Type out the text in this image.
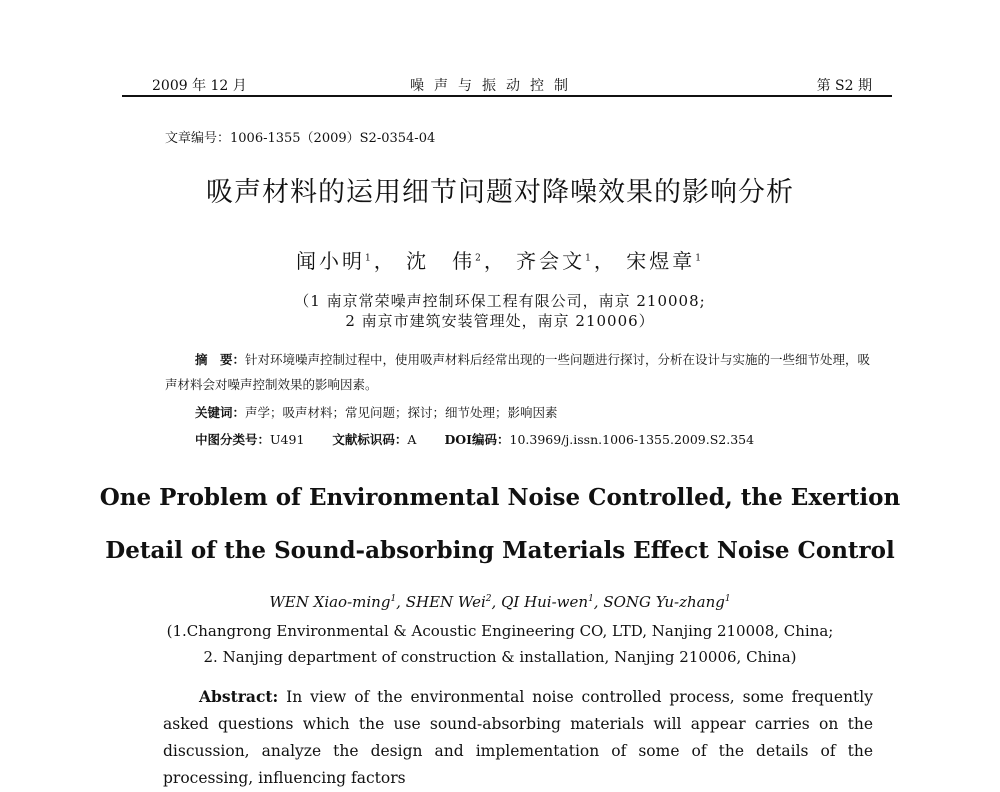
2009 年 12 月	噪声与振动控制	第 S2 期
文章编号：1006-1355（2009）S2-0354-04
吸声材料的运用细节问题对降噪效果的影响分析
闻小明$^1$， 沈　伟$^2$， 齐会文$^1$， 宋煜章$^1$
（1 南京常荣噪声控制环保工程有限公司，南京 210008;
2 南京市建筑安装管理处，南京 210006）
摘　要：针对环境噪声控制过程中，使用吸声材料后经常出现的一些问题进行探讨，分析在设计与实施的一些细节处理，吸声材料会对噪声控制效果的影响因素。
关键词：声学；吸声材料；常见问题；探讨；细节处理；影响因素
中图分类号：U491 文献标识码：A DOI编码：10.3969/j.issn.1006-1355.2009.S2.354
One Problem of Environmental Noise Controlled, the Exertion
Detail of the Sound-absorbing Materials Effect Noise Control
WEN Xiao-ming$^1$, SHEN Wei$^2$, QI Hui-wen$^1$, SONG Yu-zhang$^1$
(1.Changrong Environmental & Acoustic Engineering CO, LTD, Nanjing 210008, China;
2. Nanjing department of construction & installation, Nanjing 210006, China)
Abstract: In view of the environmental noise controlled process, some frequently asked questions which the use sound-absorbing materials will appear carries on the discussion, analyze the design and implementation of some of the details of the processing, influencing factors
